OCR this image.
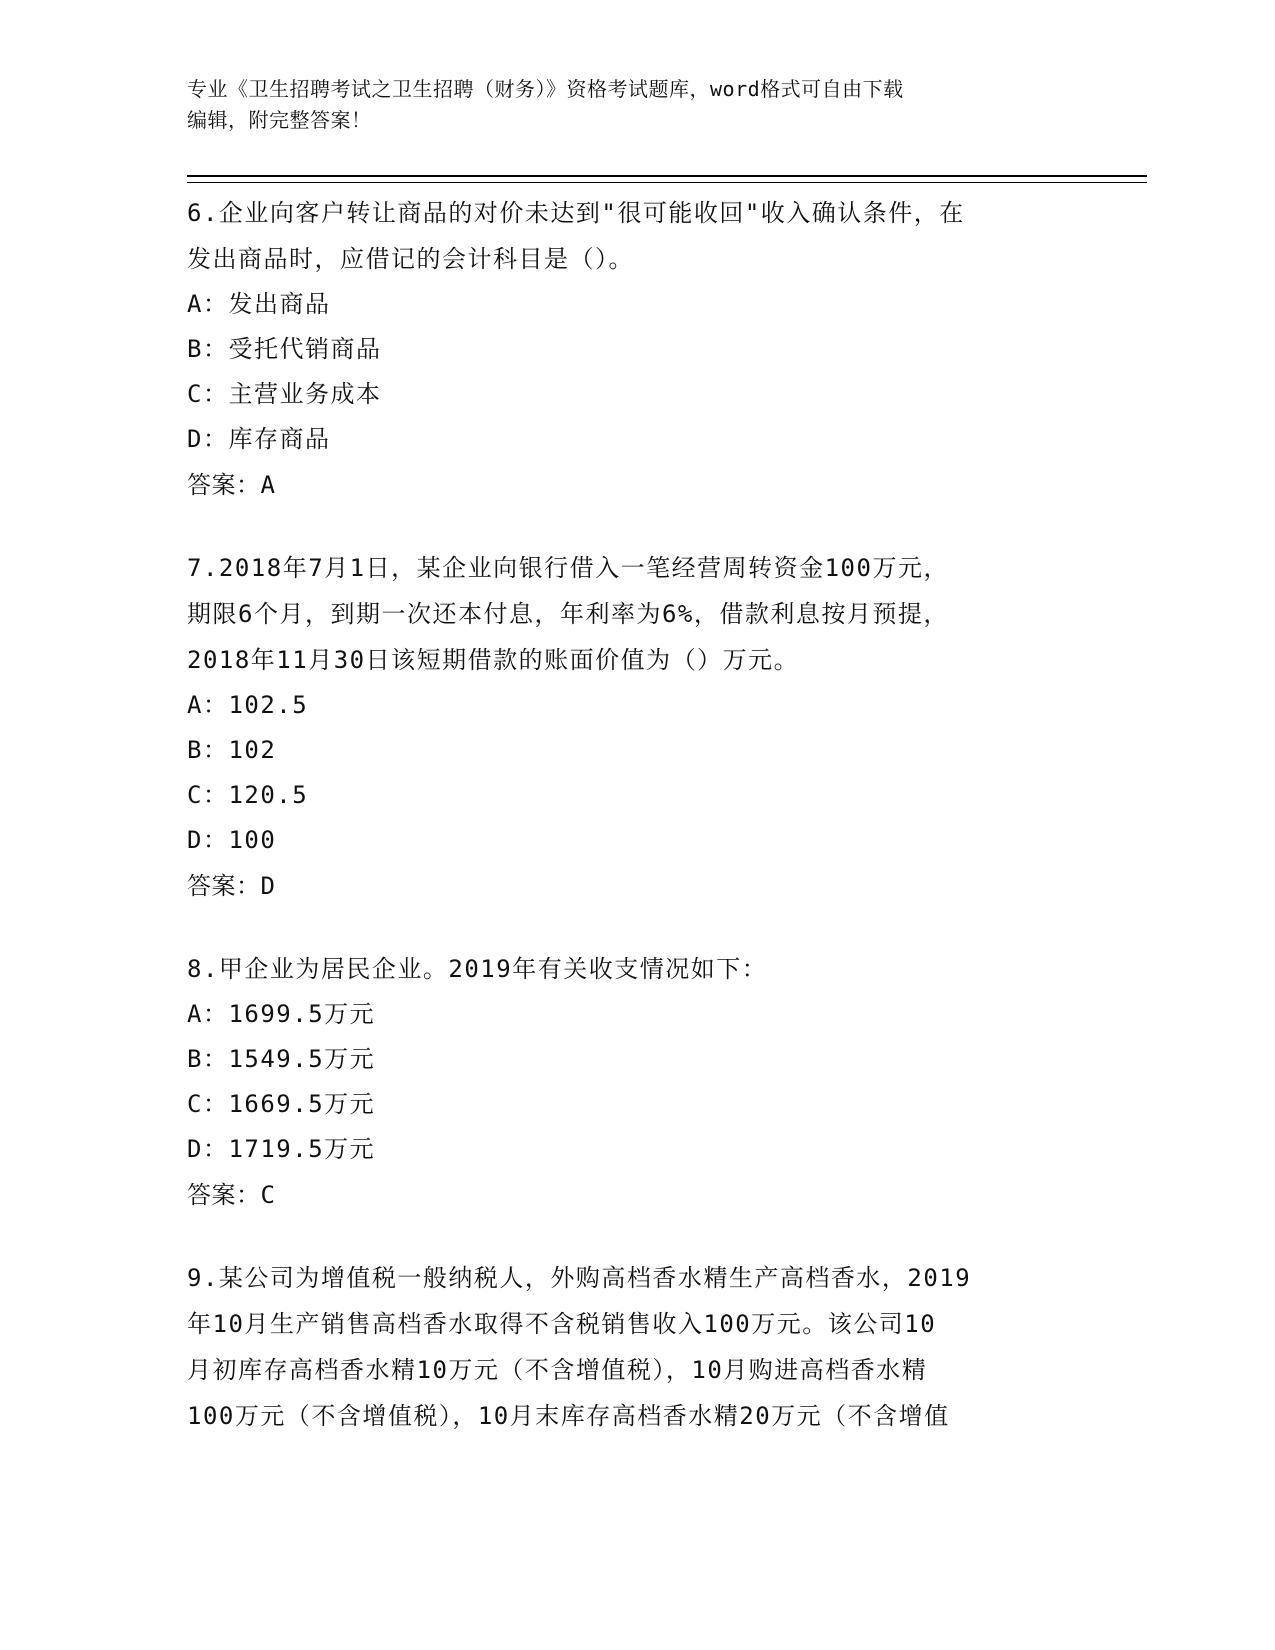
专业《卫生招聘考试之卫生招聘（财务）》资格考试题库，word格式可自由下载
编辑，附完整答案！

6.企业向客户转让商品的对价未达到"很可能收回"收入确认条件，在

发出商品时，应借记的会计科目是（）。

A：发出商品

B：受托代销商品

C：主营业务成本

D：库存商品

答案：A

7.2018年7月1日，某企业向银行借入一笔经营周转资金100万元，

期限6个月，到期一次还本付息，年利率为6%，借款利息按月预提，

2018年11月30日该短期借款的账面价值为（）万元。

A：102.5

B：102

C：120.5

D：100

答案：D

8.甲企业为居民企业。2019年有关收支情况如下：

A：1699.5万元

B：1549.5万元

C：1669.5万元

D：1719.5万元

答案：C

9.某公司为增值税一般纳税人，外购高档香水精生产高档香水，2019

年10月生产销售高档香水取得不含税销售收入100万元。该公司10

月初库存高档香水精10万元（不含增值税），10月购进高档香水精

100万元（不含增值税），10月末库存高档香水精20万元（不含增值
